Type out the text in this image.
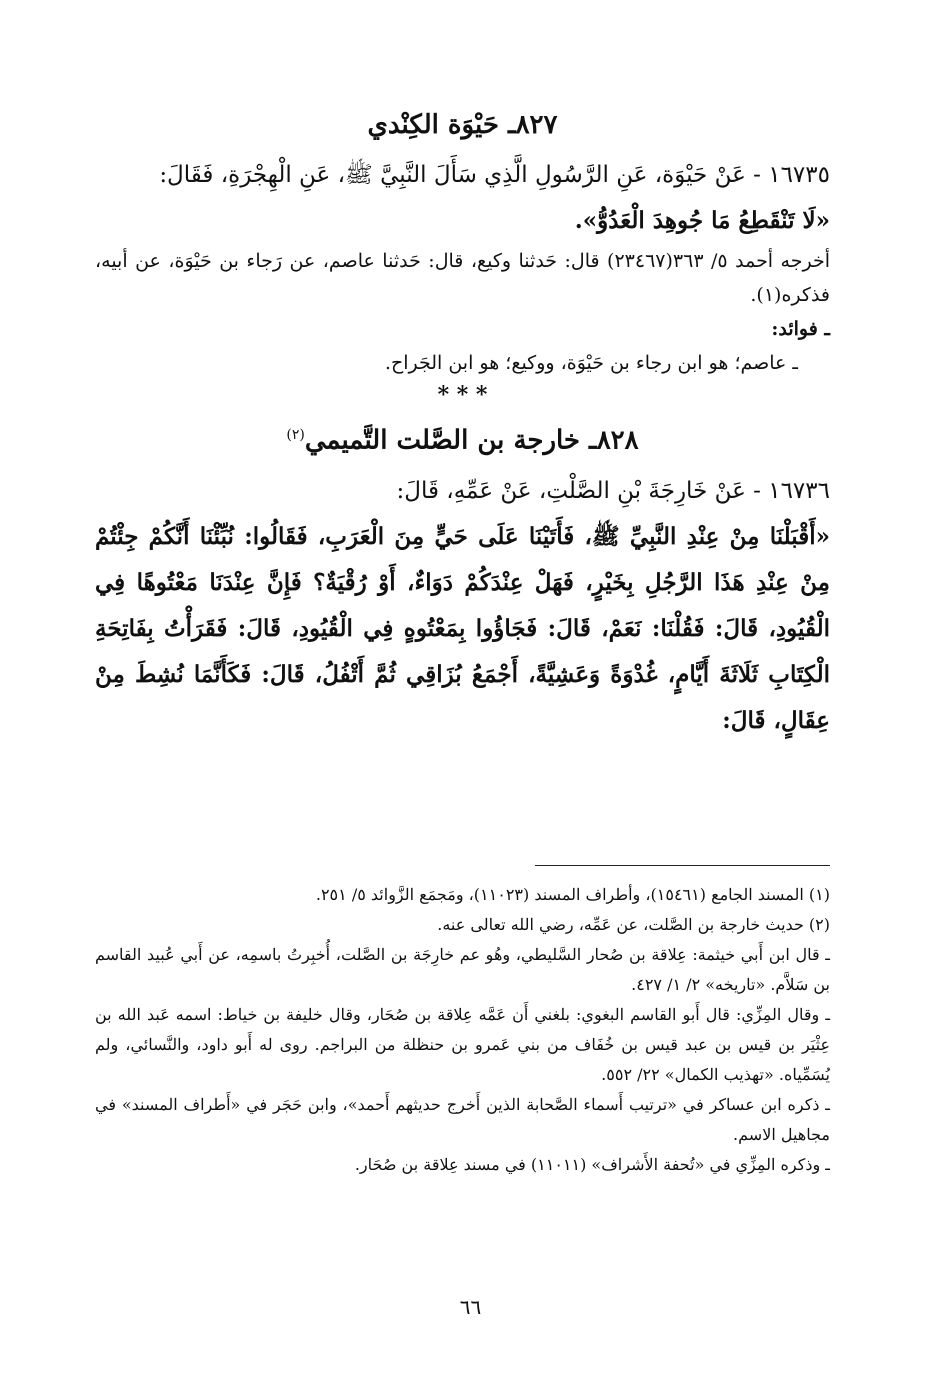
٨٢٧ـ حَيْوَة الكِنْدي

١٦٧٣٥ - عَنْ حَيْوَة، عَنِ الرَّسُولِ الَّذِي سَأَلَ النَّبِيَّ ﷺ، عَنِ الْهِجْرَةِ، فَقَالَ:

«لَا تَنْقَطِعُ مَا جُوهِدَ الْعَدُوُّ».

أخرجه أحمد ٥/ ٣٦٣(٢٣٤٦٧) قال: حَدثنا وكيع، قال: حَدثنا عاصم، عن رَجاء بن حَيْوَة، عن أبيه، فذكره(١).

ـ فوائد:

ـ عاصم؛ هو ابن رجاء بن حَيْوَة، ووكيع؛ هو ابن الجَراح.

* * *

٨٢٨ـ خارجة بن الصَّلت التَّميمي$^{(٢)}$

١٦٧٣٦ - عَنْ خَارِجَةَ بْنِ الصَّلْتِ، عَنْ عَمِّهِ، قَالَ:

«أَقْبَلْنَا مِنْ عِنْدِ النَّبِيِّ ﷺ، فَأَتَيْنَا عَلَى حَيٍّ مِنَ الْعَرَبِ، فَقَالُوا: نُبِّئْنَا أَنَّكُمْ جِئْتُمْ مِنْ عِنْدِ هَذَا الرَّجُلِ بِخَيْرٍ، فَهَلْ عِنْدَكُمْ دَوَاءٌ، أَوْ رُقْيَةٌ؟ فَإِنَّ عِنْدَنَا مَعْتُوهًا فِي الْقُيُودِ، قَالَ: فَقُلْنَا: نَعَمْ، قَالَ: فَجَاؤُوا بِمَعْتُوهٍ فِي الْقُيُودِ، قَالَ: فَقَرَأْتُ بِفَاتِحَةِ الْكِتَابِ ثَلَاثَةَ أَيَّامٍ، غُدْوَةً وَعَشِيَّةً، أَجْمَعُ بُزَاقِي ثُمَّ أَتْفُلُ، قَالَ: فَكَأَنَّمَا نُشِطَ مِنْ عِقَالٍ، قَالَ:

(١) المسند الجامع (١٥٤٦١)، وأطراف المسند (١١٠٢٣)، ومَجمَع الزَّوائد ٥/ ٢٥١.

(٢) حديث خارجة بن الصَّلت، عن عَمِّه، رضي الله تعالى عنه.

ـ قال ابن أَبي خيثمة: عِلاقة بن صُحار السَّليطي، وهُو عم خارِجَة بن الصَّلت، أُخبِرتُ باسمِه، عن أَبي عُبيد القاسم بن سَلاَّم. «تاريخه» ٢/ ١/ ٤٢٧.

ـ وقال المِزِّي: قال أَبو القاسم البغوي: بلغني أَن عَمَّه عِلاقة بن صُحَار، وقال خليفة بن خياط: اسمه عَبد الله بن عِثْيَر بن قيس بن عبد قيس بن خُفَاف من بني عَمرو بن حنظلة من البراجم. روى له أَبو داود، والنَّسائي، ولم يُسَمِّياه. «تهذيب الكمال» ٢٢/ ٥٥٢.

ـ ذكره ابن عساكر في «ترتيب أَسماء الصَّحابة الذين أَخرج حديثهم أَحمد»، وابن حَجَر في «أَطراف المسند» في مجاهيل الاسم.

ـ وذكره المِزِّي في «تُحفة الأَشراف» (١١٠١١) في مسند عِلاقة بن صُحَار.

٦٦
